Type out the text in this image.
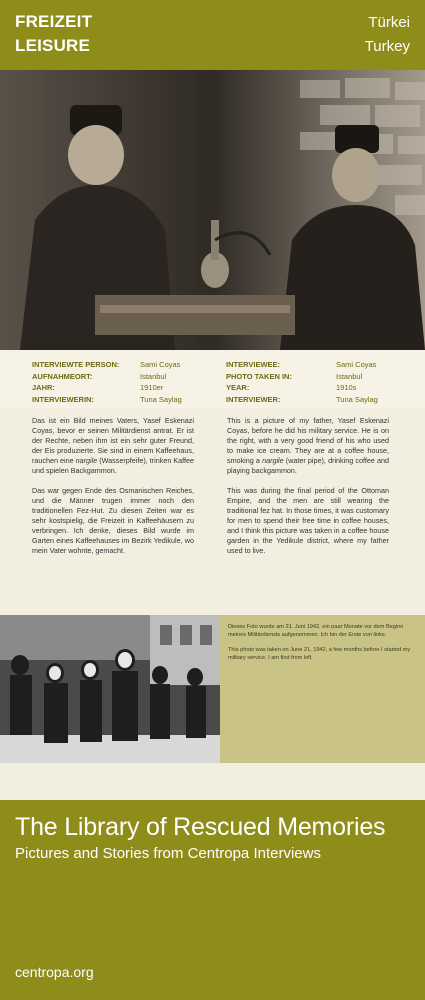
FREIZEIT
LEISURE
Türkei
Turkey
INTERVIEWTE PERSON:
AUFNAHMEORT:
JAHR:
INTERVIEWERIN:
Sami Coyas
Istanbul
1910er
Tuna Saylag
INTERVIEWEE:
PHOTO TAKEN IN:
YEAR:
INTERVIEWER:
Sami Coyas
Istanbul
1910s
Tuna Saylag

Das ist ein Bild meines Vaters, Yasef Eskenazi Coyas, bevor er seinen Militärdienst antrat. Er ist der Rechte, neben ihm ist ein sehr guter Freund, der Eis produzierte. Sie sind in einem Kaffeehaus, rauchen eine nargile (Wasserpfeife), trinken Kaffee und spielen Backgammon.

Das war gegen Ende des Osmanischen Reiches, und die Männer trugen immer noch den traditionellen Fez-Hut. Zu diesen Zeiten war es sehr kostspielig, die Freizeit in Kaffeehäusern zu verbringen. Ich denke, dieses Bild wurde im Garten eines Kaffeehauses im Bezirk Yedikule, wo mein Vater wohnte, gemacht.

This is a picture of my father, Yasef Eskenazi Coyas, before he did his military service. He is on the right, with a very good friend of his who used to make ice cream. They are at a coffee house, smoking a nargile (water pipe), drinking coffee and playing backgammon.

This was during the final period of the Ottoman Empire, and the men are still wearing the traditional fez hat. In those times, it was customary for men to spend their free time in coffee houses, and I think this picture was taken in a coffee house garden in the Yedikule district, where my father used to live.

Dieses Foto wurde am 21. Juni 1942, ein paar Monate vor dem Beginn meines Militärdiensts aufgenommen. Ich bin der Erste von links.

This photo was taken on June 21, 1942, a few months before I started my military service. I am first from left.

The Library of Rescued Memories
Pictures and Stories from Centropa Interviews
centropa.org
